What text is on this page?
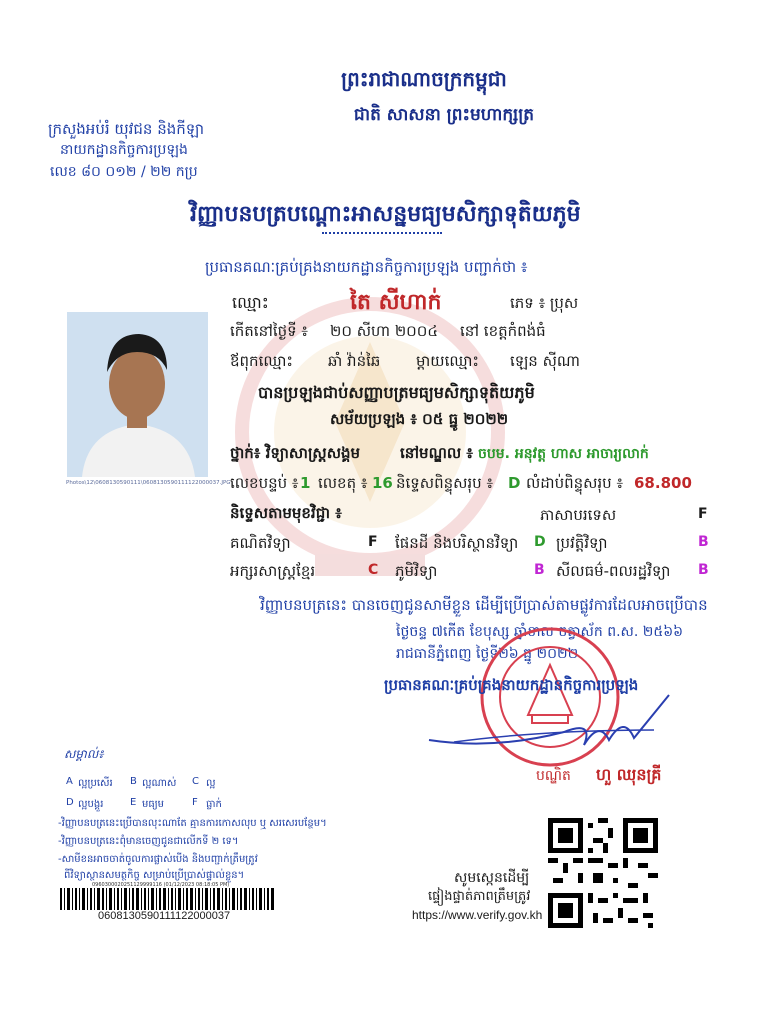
ព្រះរាជាណាចក្រកម្ពុជា
ជាតិ សាសនា ព្រះមហាក្សត្រ
ក្រសួងអប់រំ យុវជន និងកីឡា
នាយកដ្ឋានកិច្ចការប្រឡង
លេខ ៨០ ០១២ / ២២ កប្រ
វិញ្ញាបនបត្របណ្ដោះអាសន្នមធ្យមសិក្សាទុតិយភូមិ
ប្រធានគណៈគ្រប់គ្រងនាយកដ្ឋានកិច្ចការប្រឡង បញ្ជាក់ថា ៖
Photos\12\0608130590111\0608130590111122000037.JPG
ឈ្មោះ	តៃ សីហាក់	ភេទ ៖ ប្រុស
កើតនៅថ្ងៃទី ៖ ២០ សីហា ២០០៤ នៅ ខេត្តកំពង់ធំ
ឪពុកឈ្មោះ ឆាំ វ៉ាន់ឆៃ ម្ដាយឈ្មោះ ឡេន ស៊ីណា
បានប្រឡងជាប់សញ្ញាបត្រមធ្យមសិក្សាទុតិយភូមិ
សម័យប្រឡង ៖ ០៥ ធ្នូ ២០២២
ថ្នាក់៖ វិទ្យាសាស្ត្រសង្គម	នៅមណ្ឌល ៖ ចបម. អនុវត្ត ហាស អាចារ្យលាក់
លេខបន្ទប់ ៖ 1 លេខតុ ៖ 16 និទ្ទេសពិន្ទុសរុប ៖ D លំដាប់ពិន្ទុសរុប ៖ 68.800
និទ្ទេសតាមមុខវិជ្ជា ៖	ភាសាបរទេស	F
គណិតវិទ្យា	F ផែនដី និងបរិស្ថានវិទ្យា D ប្រវត្តិវិទ្យា	B
អក្សរសាស្ត្រខ្មែរ	C ភូមិវិទ្យា	B សីលធម៌-ពលរដ្ឋវិទ្យា B
វិញ្ញាបនបត្រនេះ បានចេញជូនសាមីខ្លួន ដើម្បីប្រើប្រាស់តាមផ្លូវការដែលអាចប្រើបាន
ថ្ងៃចន្ទ ៧កើត ខែបុស្ស ឆ្នាំខាល ចត្វាស័ក ព.ស. ២៥៦៦
រាជធានីភ្នំពេញ ថ្ងៃទី២៦ ធ្នូ ២០២២
ប្រធានគណៈគ្រប់គ្រងនាយកដ្ឋានកិច្ចការប្រឡង
បណ្ឌិត ហួ ឈុនគ្រី
សម្គាល់៖
A ល្អប្រសើរ B ល្អណាស់ C ល្អ
D ល្អបង្គួរ	E មធ្យម	F ធ្លាក់
-វិញ្ញាបនបត្រនេះប្រើបានលុះណាតែ គ្មានការកោសលុប ឬ សរសេរបន្ថែម។
-វិញ្ញាបនបត្រនេះពុំមានចេញជូនជាលើកទី ២ ទេ។
-សាមីខនអាចចាត់ចូលការផ្លាស់បើង និងបញ្ជាក់ត្រឹមត្រូវ
ពីវិទ្យាស្ថានសមត្ថកិច្ច សម្រាប់ប្រើប្រាស់ផ្ទាល់ខ្លួន។
0960300020251129999116 (01/12/2023 08:18:05 PM)
0608130590111122000037
សូមស្កេនដើម្បី
ផ្ទៀងផ្ទាត់ភាពត្រឹមត្រូវ
https://www.verify.gov.kh
